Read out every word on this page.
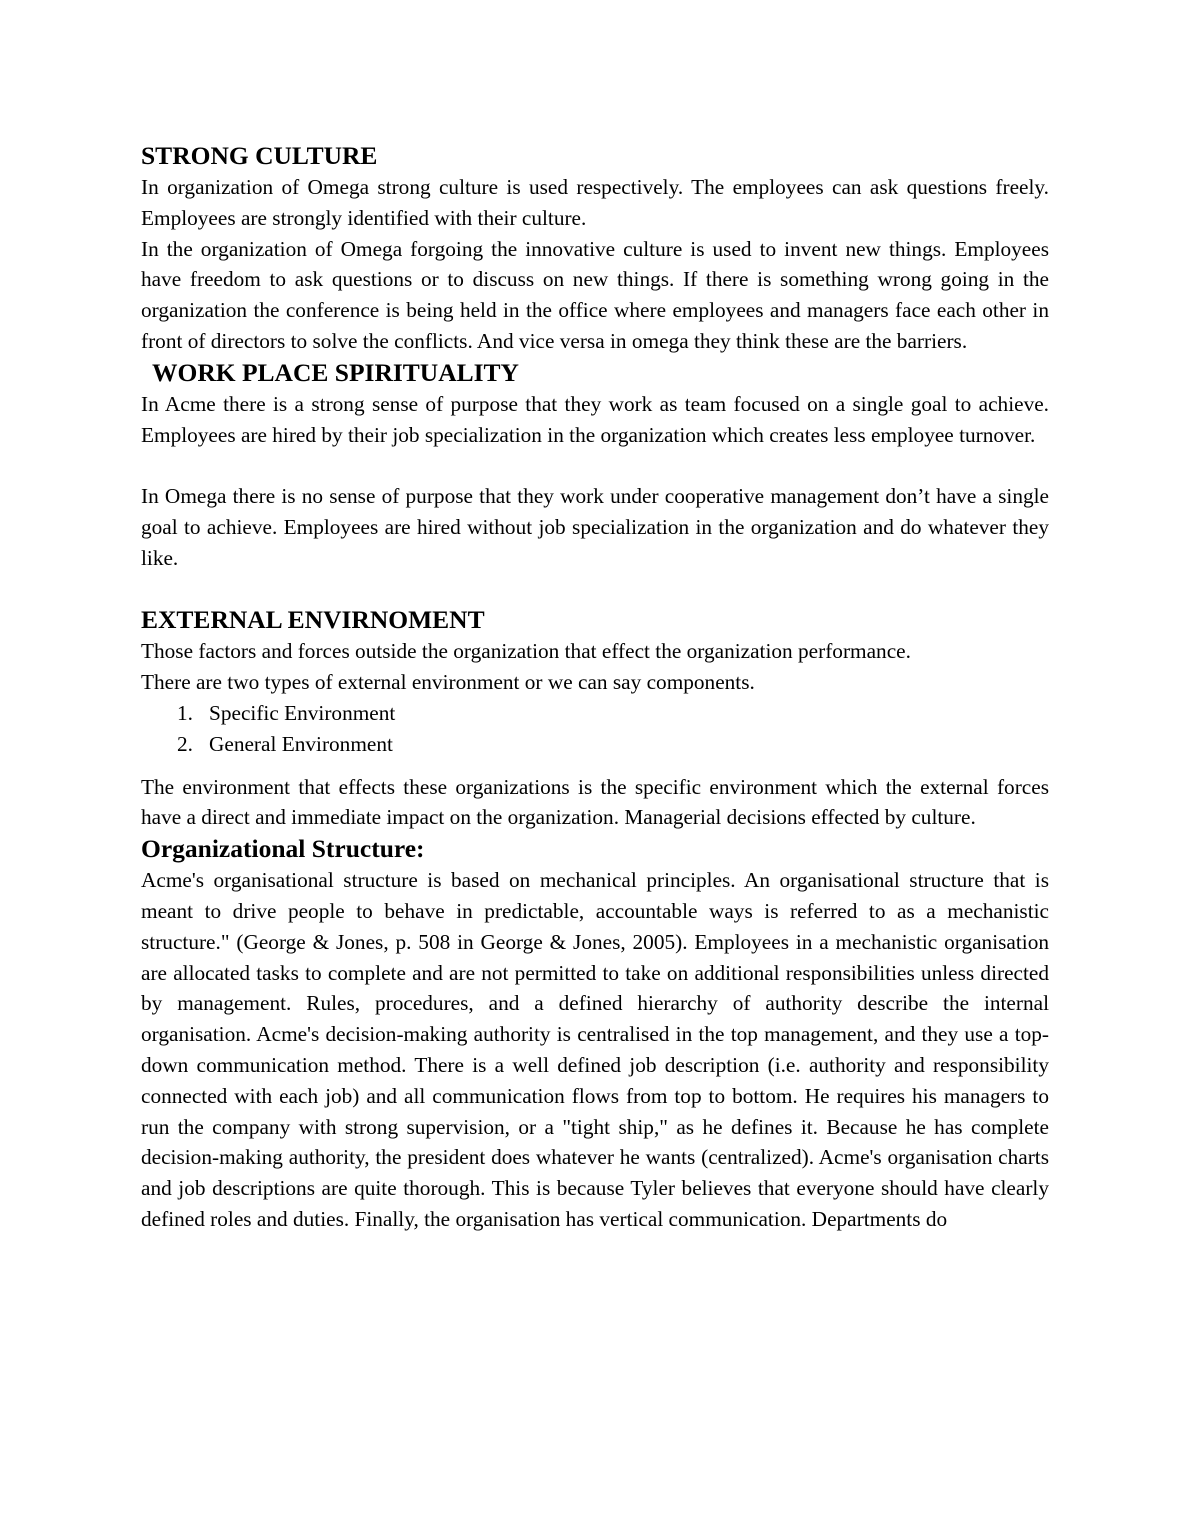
STRONG CULTURE

In organization of Omega strong culture is used respectively. The employees can ask questions freely. Employees are strongly identified with their culture.

In the organization of Omega forgoing the innovative culture is used to invent new things. Employees have freedom to ask questions or to discuss on new things. If there is something wrong going in the organization the conference is being held in the office where employees and managers face each other in front of directors to solve the conflicts. And vice versa in omega they think these are the barriers.

WORK PLACE SPIRITUALITY

In Acme there is a strong sense of purpose that they work as team focused on a single goal to achieve. Employees are hired by their job specialization in the organization which creates less employee turnover.

In Omega there is no sense of purpose that they work under cooperative management don’t have a single goal to achieve. Employees are hired without job specialization in the organization and do whatever they like.

EXTERNAL ENVIRNOMENT

Those factors and forces outside the organization that effect the organization performance.

There are two types of external environment or we can say components.

1. Specific Environment
2. General Environment

The environment that effects these organizations is the specific environment which the external forces have a direct and immediate impact on the organization. Managerial decisions effected by culture.

Organizational Structure:

Acme's organisational structure is based on mechanical principles. An organisational structure that is meant to drive people to behave in predictable, accountable ways is referred to as a mechanistic structure." (George & Jones, p. 508 in George & Jones, 2005). Employees in a mechanistic organisation are allocated tasks to complete and are not permitted to take on additional responsibilities unless directed by management. Rules, procedures, and a defined hierarchy of authority describe the internal organisation. Acme's decision-making authority is centralised in the top management, and they use a top-down communication method. There is a well defined job description (i.e. authority and responsibility connected with each job) and all communication flows from top to bottom. He requires his managers to run the company with strong supervision, or a "tight ship," as he defines it. Because he has complete decision-making authority, the president does whatever he wants (centralized). Acme's organisation charts and job descriptions are quite thorough. This is because Tyler believes that everyone should have clearly defined roles and duties. Finally, the organisation has vertical communication. Departments do
